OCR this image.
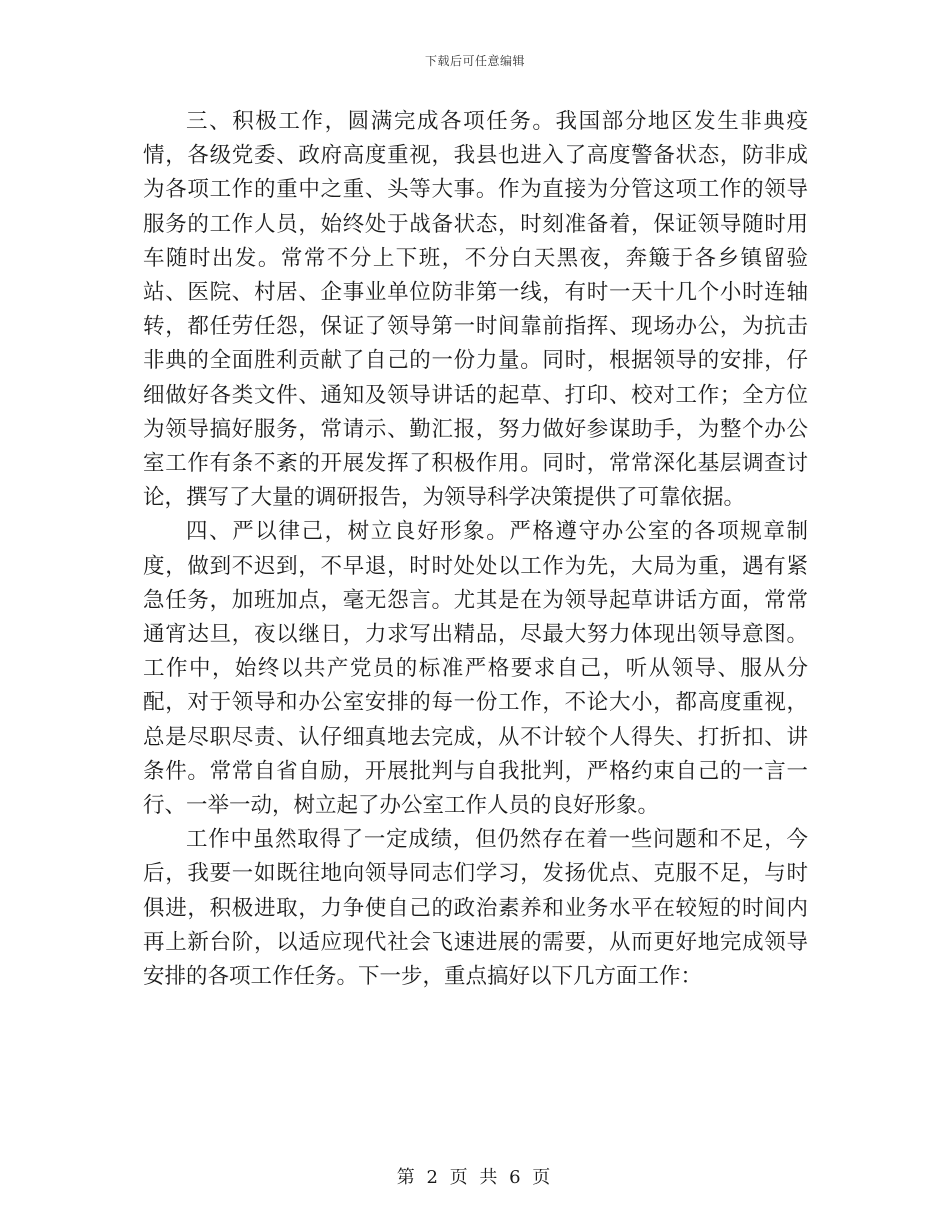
下载后可任意编辑

三、积极工作，圆满完成各项任务。我国部分地区发生非典疫情，各级党委、政府高度重视，我县也进入了高度警备状态，防非成为各项工作的重中之重、头等大事。作为直接为分管这项工作的领导服务的工作人员，始终处于战备状态，时刻准备着，保证领导随时用车随时出发。常常不分上下班，不分白天黑夜，奔簸于各乡镇留验站、医院、村居、企事业单位防非第一线，有时一天十几个小时连轴转，都任劳任怨，保证了领导第一时间靠前指挥、现场办公，为抗击非典的全面胜利贡献了自己的一份力量。同时，根据领导的安排，仔细做好各类文件、通知及领导讲话的起草、打印、校对工作；全方位为领导搞好服务，常请示、勤汇报，努力做好参谋助手，为整个办公室工作有条不紊的开展发挥了积极作用。同时，常常深化基层调查讨论，撰写了大量的调研报告，为领导科学决策提供了可靠依据。

四、严以律己，树立良好形象。严格遵守办公室的各项规章制度，做到不迟到，不早退，时时处处以工作为先，大局为重，遇有紧急任务，加班加点，毫无怨言。尤其是在为领导起草讲话方面，常常通宵达旦，夜以继日，力求写出精品，尽最大努力体现出领导意图。工作中，始终以共产党员的标准严格要求自己，听从领导、服从分配，对于领导和办公室安排的每一份工作，不论大小，都高度重视，总是尽职尽责、认仔细真地去完成，从不计较个人得失、打折扣、讲条件。常常自省自励，开展批判与自我批判，严格约束自己的一言一行、一举一动，树立起了办公室工作人员的良好形象。

工作中虽然取得了一定成绩，但仍然存在着一些问题和不足，今后，我要一如既往地向领导同志们学习，发扬优点、克服不足，与时俱进，积极进取，力争使自己的政治素养和业务水平在较短的时间内再上新台阶，以适应现代社会飞速进展的需要，从而更好地完成领导安排的各项工作任务。下一步，重点搞好以下几方面工作：

第 2 页 共 6 页
